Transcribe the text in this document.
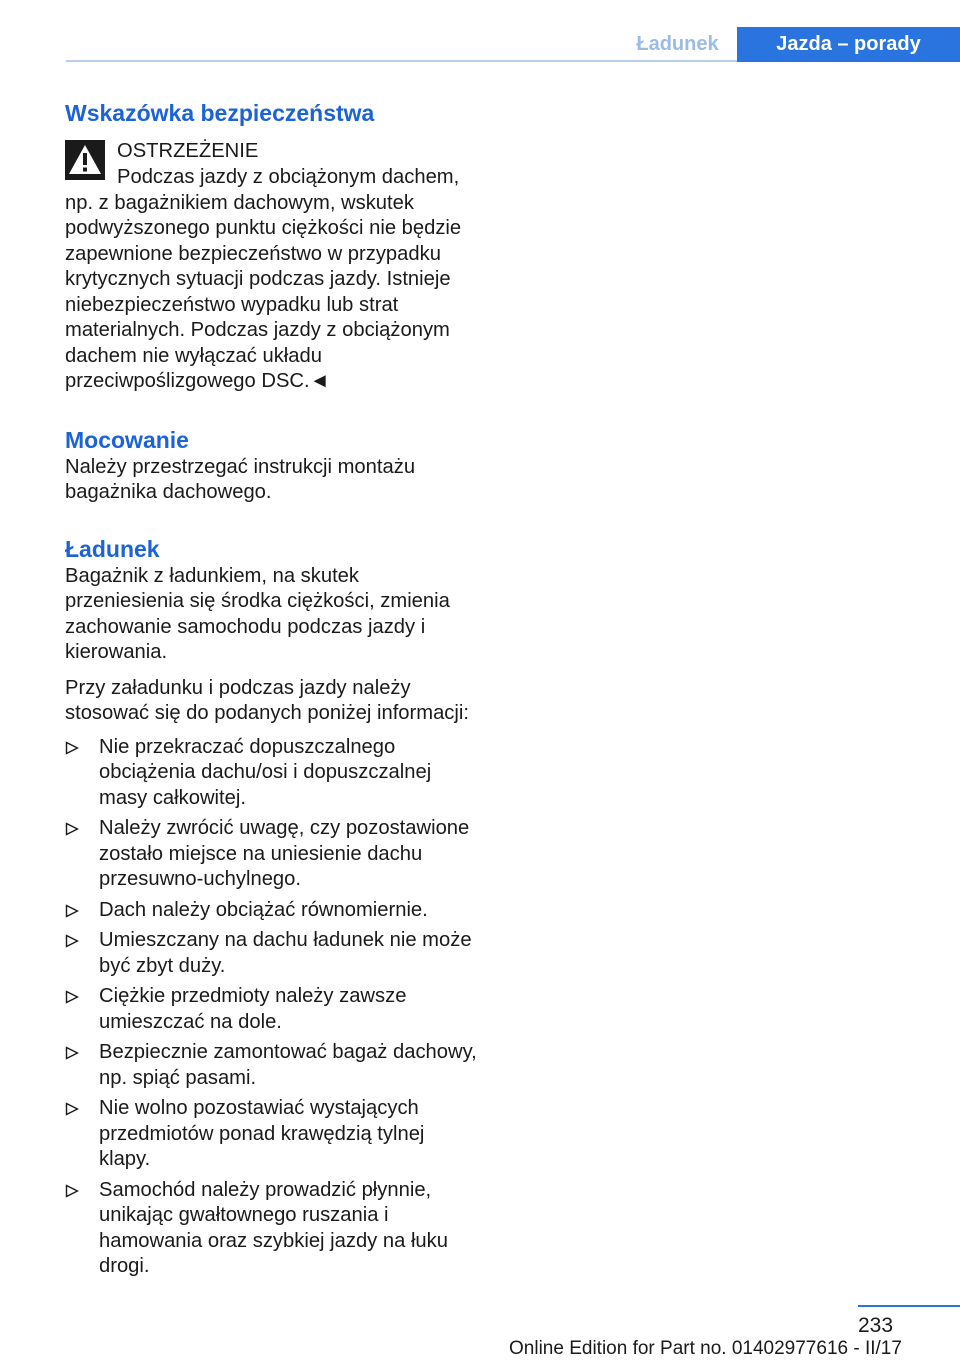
Ładunek	Jazda – porady
Wskazówka bezpieczeństwa
OSTRZEŻENIE

Podczas jazdy z obciążonym dachem, np. z bagażnikiem dachowym, wskutek podwyższonego punktu ciężkości nie będzie zapewnione bezpieczeństwo w przypadku krytycznych sytuacji podczas jazdy. Istnieje niebezpieczeństwo wypadku lub strat materialnych. Podczas jazdy z obciążonym dachem nie wyłączać układu przeciwpoślizgowego DSC.◄

Mocowanie

Należy przestrzegać instrukcji montażu bagażnika dachowego.

Ładunek

Bagażnik z ładunkiem, na skutek przeniesienia się środka ciężkości, zmienia zachowanie samochodu podczas jazdy i kierowania.

Przy załadunku i podczas jazdy należy stosować się do podanych poniżej informacji:

Nie przekraczać dopuszczalnego obciążenia dachu/osi i dopuszczalnej masy całkowitej.
Należy zwrócić uwagę, czy pozostawione zostało miejsce na uniesienie dachu przesuwno-uchylnego.
Dach należy obciążać równomiernie.
Umieszczany na dachu ładunek nie może być zbyt duży.
Ciężkie przedmioty należy zawsze umieszczać na dole.
Bezpiecznie zamontować bagaż dachowy, np. spiąć pasami.
Nie wolno pozostawiać wystających przedmiotów ponad krawędzią tylnej klapy.
Samochód należy prowadzić płynnie, unikając gwałtownego ruszania i hamowania oraz szybkiej jazdy na łuku drogi.
233
Online Edition for Part no. 01402977616 - II/17
